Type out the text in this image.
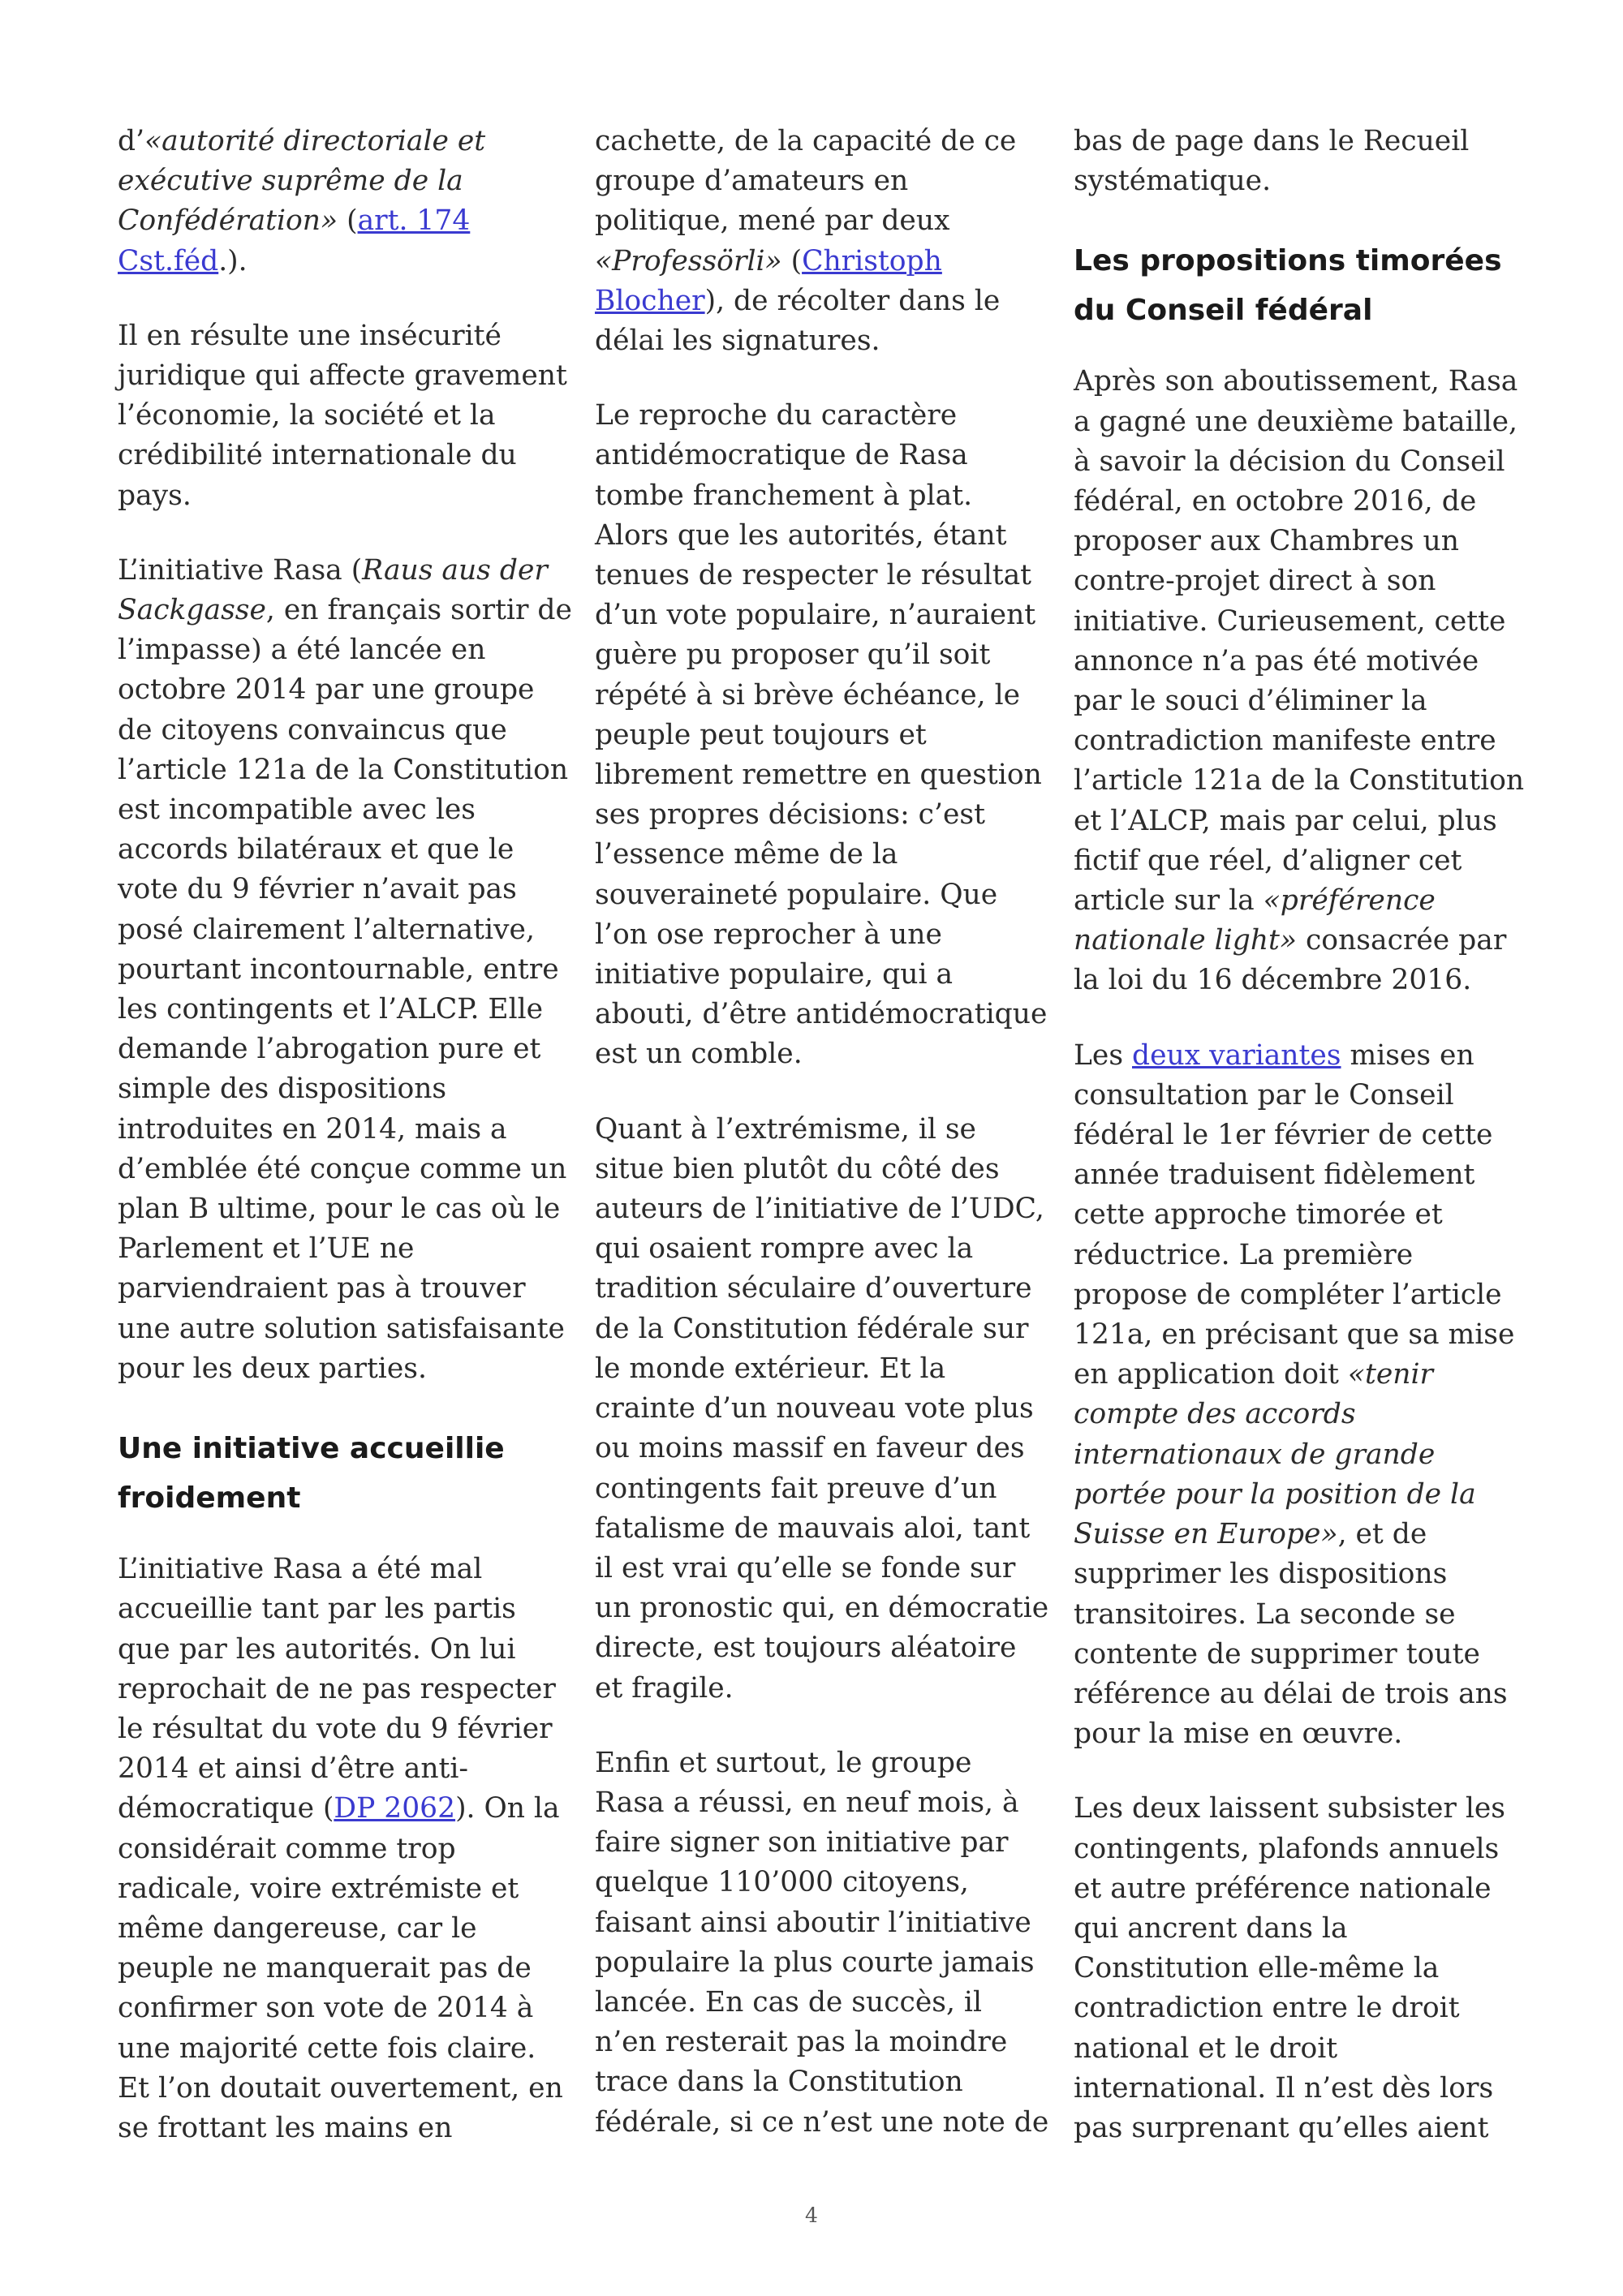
d’«autorité directoriale et exécutive suprême de la Confédération» (art. 174 Cst.féd.).

Il en résulte une insécurité juridique qui affecte gravement l’économie, la société et la crédibilité internationale du pays.

L’initiative Rasa (Raus aus der Sackgasse, en français sortir de l’impasse) a été lancée en octobre 2014 par une groupe de citoyens convaincus que l’article 121a de la Constitution est incompatible avec les accords bilatéraux et que le vote du 9 février n’avait pas posé clairement l’alternative, pourtant incontournable, entre les contingents et l’ALCP. Elle demande l’abrogation pure et simple des dispositions introduites en 2014, mais a d’emblée été conçue comme un plan B ultime, pour le cas où le Parlement et l’UE ne parviendraient pas à trouver une autre solution satisfaisante pour les deux parties.

Une initiative accueillie froidement

L’initiative Rasa a été mal accueillie tant par les partis que par les autorités. On lui reprochait de ne pas respecter le résultat du vote du 9 février 2014 et ainsi d’être anti-démocratique (DP 2062). On la considérait comme trop radicale, voire extrémiste et même dangereuse, car le peuple ne manquerait pas de confirmer son vote de 2014 à une majorité cette fois claire. Et l’on doutait ouvertement, en se frottant les mains en

cachette, de la capacité de ce groupe d’amateurs en politique, mené par deux «Professörli» (Christoph Blocher), de récolter dans le délai les signatures.

Le reproche du caractère antidémocratique de Rasa tombe franchement à plat. Alors que les autorités, étant tenues de respecter le résultat d’un vote populaire, n’auraient guère pu proposer qu’il soit répété à si brève échéance, le peuple peut toujours et librement remettre en question ses propres décisions: c’est l’essence même de la souveraineté populaire. Que l’on ose reprocher à une initiative populaire, qui a abouti, d’être antidémocratique est un comble.

Quant à l’extrémisme, il se situe bien plutôt du côté des auteurs de l’initiative de l’UDC, qui osaient rompre avec la tradition séculaire d’ouverture de la Constitution fédérale sur le monde extérieur. Et la crainte d’un nouveau vote plus ou moins massif en faveur des contingents fait preuve d’un fatalisme de mauvais aloi, tant il est vrai qu’elle se fonde sur un pronostic qui, en démocratie directe, est toujours aléatoire et fragile.

Enfin et surtout, le groupe Rasa a réussi, en neuf mois, à faire signer son initiative par quelque 110’000 citoyens, faisant ainsi aboutir l’initiative populaire la plus courte jamais lancée. En cas de succès, il n’en resterait pas la moindre trace dans la Constitution fédérale, si ce n’est une note de

bas de page dans le Recueil systématique.

Les propositions timorées du Conseil fédéral

Après son aboutissement, Rasa a gagné une deuxième bataille, à savoir la décision du Conseil fédéral, en octobre 2016, de proposer aux Chambres un contre-projet direct à son initiative. Curieusement, cette annonce n’a pas été motivée par le souci d’éliminer la contradiction manifeste entre l’article 121a de la Constitution et l’ALCP, mais par celui, plus fictif que réel, d’aligner cet article sur la «préférence nationale light» consacrée par la loi du 16 décembre 2016.

Les deux variantes mises en consultation par le Conseil fédéral le 1er février de cette année traduisent fidèlement cette approche timorée et réductrice. La première propose de compléter l’article 121a, en précisant que sa mise en application doit «tenir compte des accords internationaux de grande portée pour la position de la Suisse en Europe», et de supprimer les dispositions transitoires. La seconde se contente de supprimer toute référence au délai de trois ans pour la mise en œuvre.

Les deux laissent subsister les contingents, plafonds annuels et autre préférence nationale qui ancrent dans la Constitution elle-même la contradiction entre le droit national et le droit international. Il n’est dès lors pas surprenant qu’elles aient

4
